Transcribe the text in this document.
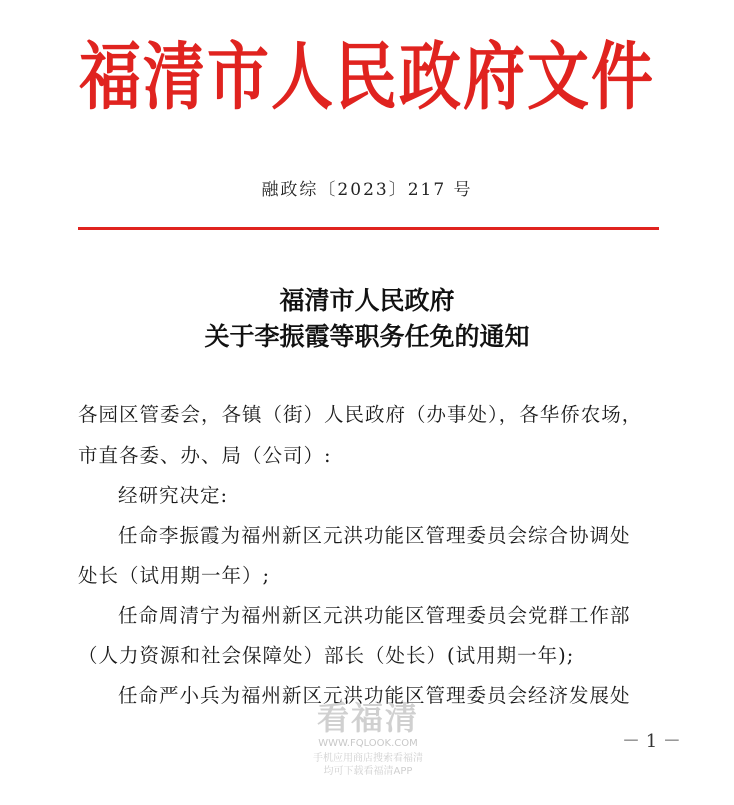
福清市人民政府文件
融政综〔2023〕217 号
福清市人民政府
关于李振霞等职务任免的通知
各园区管委会，各镇（街）人民政府（办事处），各华侨农场，
市直各委、办、局（公司）:
经研究决定:
任命李振霞为福州新区元洪功能区管理委员会综合协调处
处长（试用期一年）;
任命周清宁为福州新区元洪功能区管理委员会党群工作部
（人力资源和社会保障处）部长（处长）(试用期一年);
任命严小兵为福州新区元洪功能区管理委员会经济发展处
看福清
WWW.FQLOOK.COM
手机应用商店搜索看福清
均可下载看福清APP
－ 1 －
